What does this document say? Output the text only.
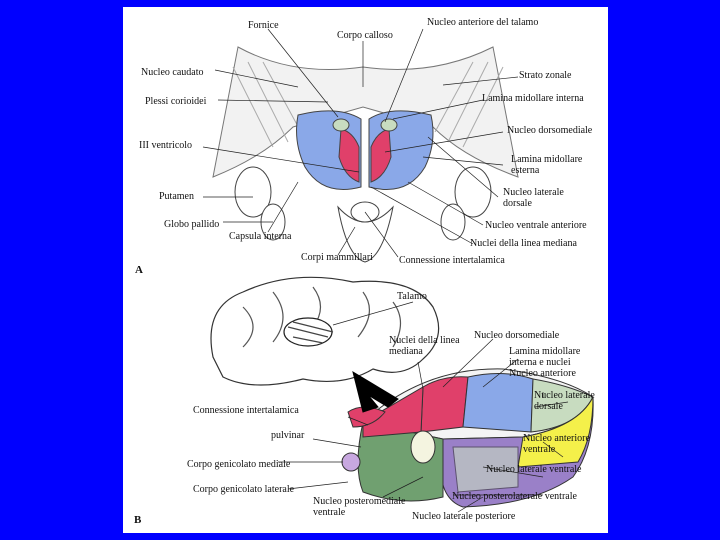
Fornice
Corpo calloso
Nucleo anteriore del talamo
Nucleo caudato	Strato zonale
Plessi corioidei	Lamina midollare interna
Nucleo dorsomediale
III ventricolo
Lamina midollare esterna
Putamen	Nucleo laterale dorsale
Globo pallido	Nucleo ventrale anteriore
Capsula interna
Nuclei della linea mediana
Corpi mammillari	Connessione intertalamica
A
Talamo
Nuclei della linea mediana
Nucleo dorsomediale
Lamina midollare interna e nuclei Nucleo anteriore
Nucleo laterale dorsale
Connessione intertalamica
pulvinar	Nucleo anteriore ventrale
Corpo genicolato mediale	Nucleo laterale ventrale
Corpo genicolato laterale
Nucleo posterolaterale ventrale
Nucleo posteromediale ventrale	Nucleo laterale posteriore
B
